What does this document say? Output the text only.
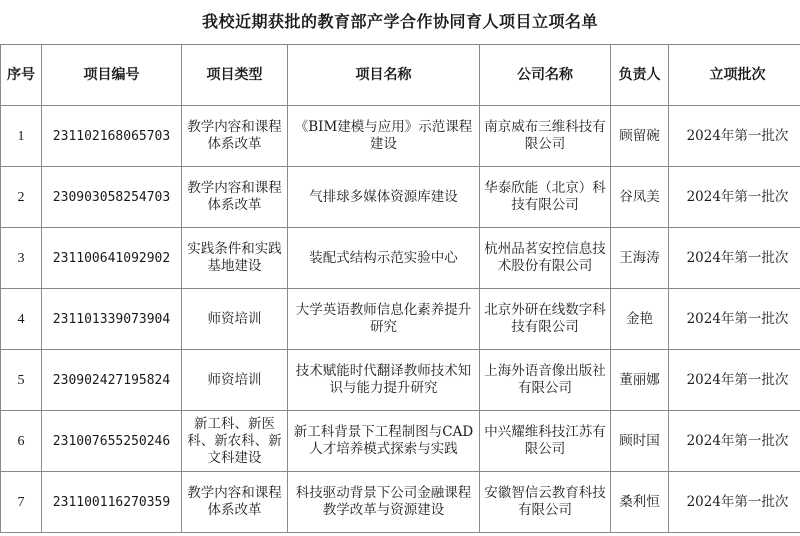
我校近期获批的教育部产学合作协同育人项目立项名单
序号	项目编号	项目类型	项目名称	公司名称	负责人	立项批次
1	231102168065703	教学内容和课程体系改革	《BIM建模与应用》示范课程建设	南京威布三维科技有限公司	顾留碗	2024年第一批次
2	230903058254703	教学内容和课程体系改革	气排球多媒体资源库建设	华泰欣能（北京）科技有限公司	谷凤美	2024年第一批次
3	231100641092902	实践条件和实践基地建设	装配式结构示范实验中心	杭州品茗安控信息技术股份有限公司	王海涛	2024年第一批次
4	231101339073904	师资培训	大学英语教师信息化素养提升研究	北京外研在线数字科技有限公司	金艳	2024年第一批次
5	230902427195824	师资培训	技术赋能时代翻译教师技术知识与能力提升研究	上海外语音像出版社有限公司	董丽娜	2024年第一批次
6	231007655250246	新工科、新医科、新农科、新文科建设	新工科背景下工程制图与CAD人才培养模式探索与实践	中兴耀维科技江苏有限公司	顾时国	2024年第一批次
7	231100116270359	教学内容和课程体系改革	科技驱动背景下公司金融课程教学改革与资源建设	安徽智信云教育科技有限公司	桑利恒	2024年第一批次
